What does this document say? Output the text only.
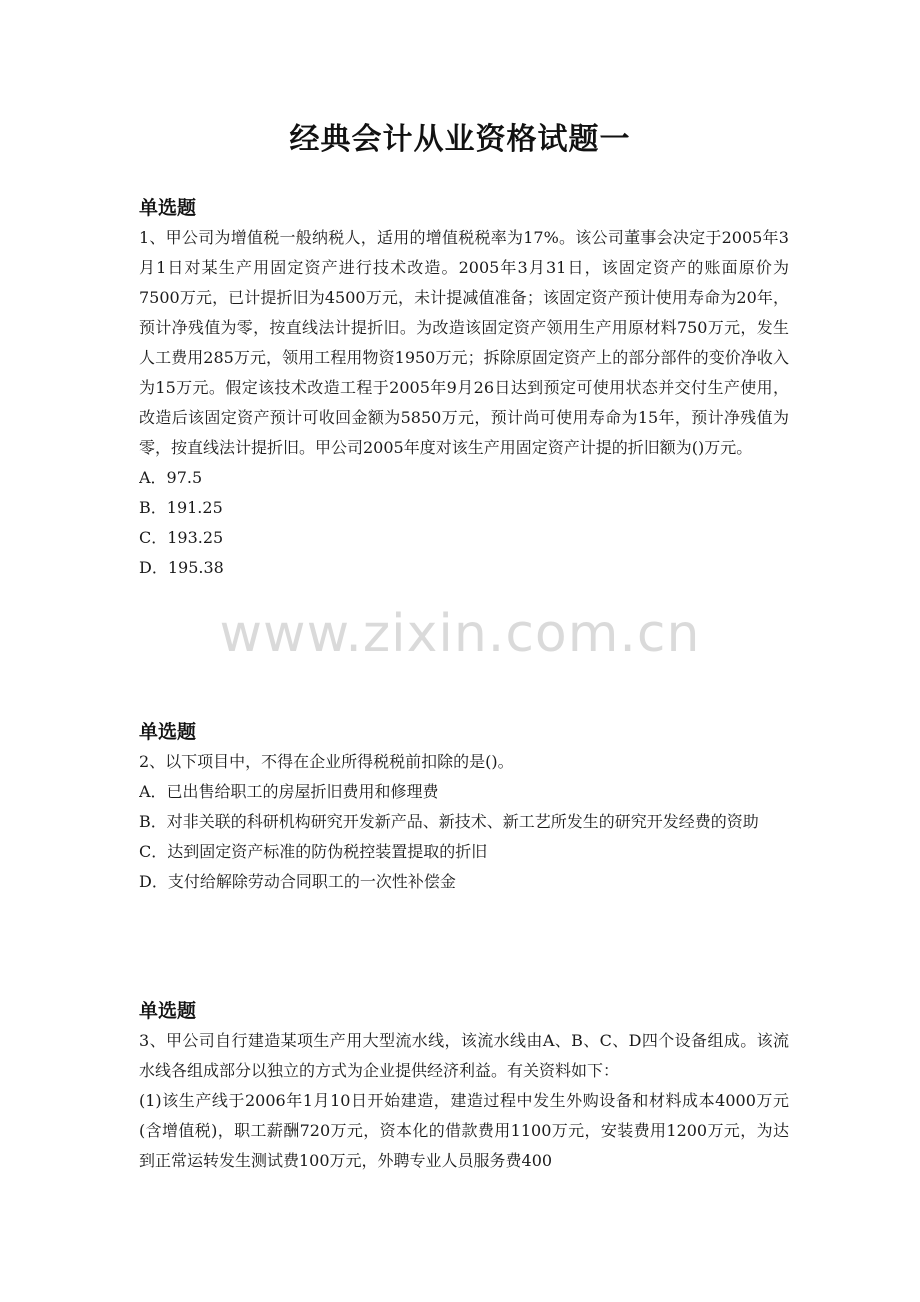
经典会计从业资格试题一
单选题
1、甲公司为增值税一般纳税人，适用的增值税税率为17%。该公司董事会决定于2005年3月1日对某生产用固定资产进行技术改造。2005年3月31日，该固定资产的账面原价为7500万元，已计提折旧为4500万元，未计提减值准备；该固定资产预计使用寿命为20年，预计净残值为零，按直线法计提折旧。为改造该固定资产领用生产用原材料750万元，发生人工费用285万元，领用工程用物资1950万元；拆除原固定资产上的部分部件的变价净收入为15万元。假定该技术改造工程于2005年9月26日达到预定可使用状态并交付生产使用，改造后该固定资产预计可收回金额为5850万元，预计尚可使用寿命为15年，预计净残值为零，按直线法计提折旧。甲公司2005年度对该生产用固定资产计提的折旧额为()万元。
A．97.5
B．191.25
C．193.25
D．195.38
单选题
2、以下项目中，不得在企业所得税税前扣除的是()。
A．已出售给职工的房屋折旧费用和修理费
B．对非关联的科研机构研究开发新产品、新技术、新工艺所发生的研究开发经费的资助
C．达到固定资产标准的防伪税控装置提取的折旧
D．支付给解除劳动合同职工的一次性补偿金
单选题
3、甲公司自行建造某项生产用大型流水线，该流水线由A、B、C、D四个设备组成。该流水线各组成部分以独立的方式为企业提供经济利益。有关资料如下：
(1)该生产线于2006年1月10日开始建造，建造过程中发生外购设备和材料成本4000万元(含增值税)，职工薪酬720万元，资本化的借款费用1100万元，安装费用1200万元，为达到正常运转发生测试费100万元，外聘专业人员服务费400
www.zixin.com.cn
